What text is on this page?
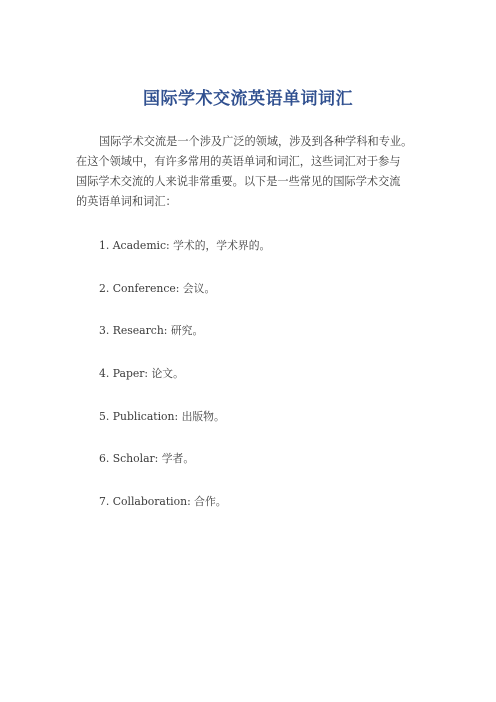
国际学术交流英语单词词汇
国际学术交流是一个涉及广泛的领域，涉及到各种学科和专业。
在这个领域中，有许多常用的英语单词和词汇，这些词汇对于参与
国际学术交流的人来说非常重要。以下是一些常见的国际学术交流
的英语单词和词汇：
1. Academic: 学术的，学术界的。
2. Conference: 会议。
3. Research: 研究。
4. Paper: 论文。
5. Publication: 出版物。
6. Scholar: 学者。
7. Collaboration: 合作。
